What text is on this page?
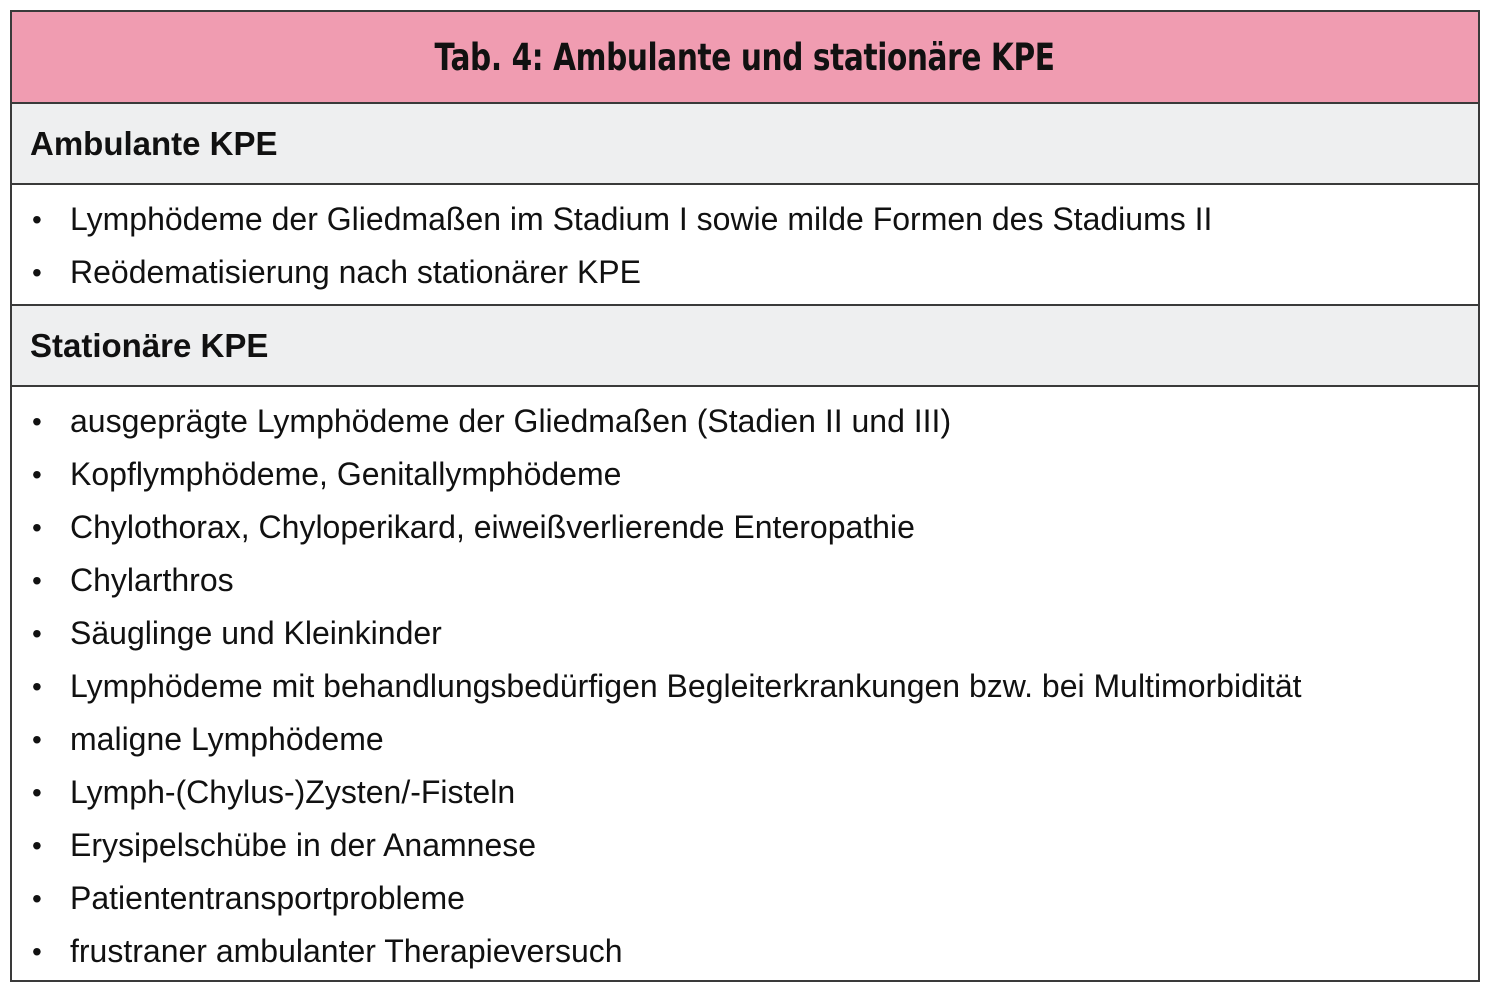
Tab. 4: Ambulante und stationäre KPE
Ambulante KPE
• Lymphödeme der Gliedmaßen im Stadium I sowie milde Formen des Stadiums II
• Reödematisierung nach stationärer KPE
Stationäre KPE
• ausgeprägte Lymphödeme der Gliedmaßen (Stadien II und III)
• Kopflymphödeme, Genitallymphödeme
• Chylothorax, Chyloperikard, eiweißverlierende Enteropathie
• Chylarthros
• Säuglinge und Kleinkinder
• Lymphödeme mit behandlungsbedürfigen Begleiterkrankungen bzw. bei Multimorbidität
• maligne Lymphödeme
• Lymph-(Chylus-)Zysten/-Fisteln
• Erysipelschübe in der Anamnese
• Patiententransportprobleme
• frustraner ambulanter Therapieversuch
